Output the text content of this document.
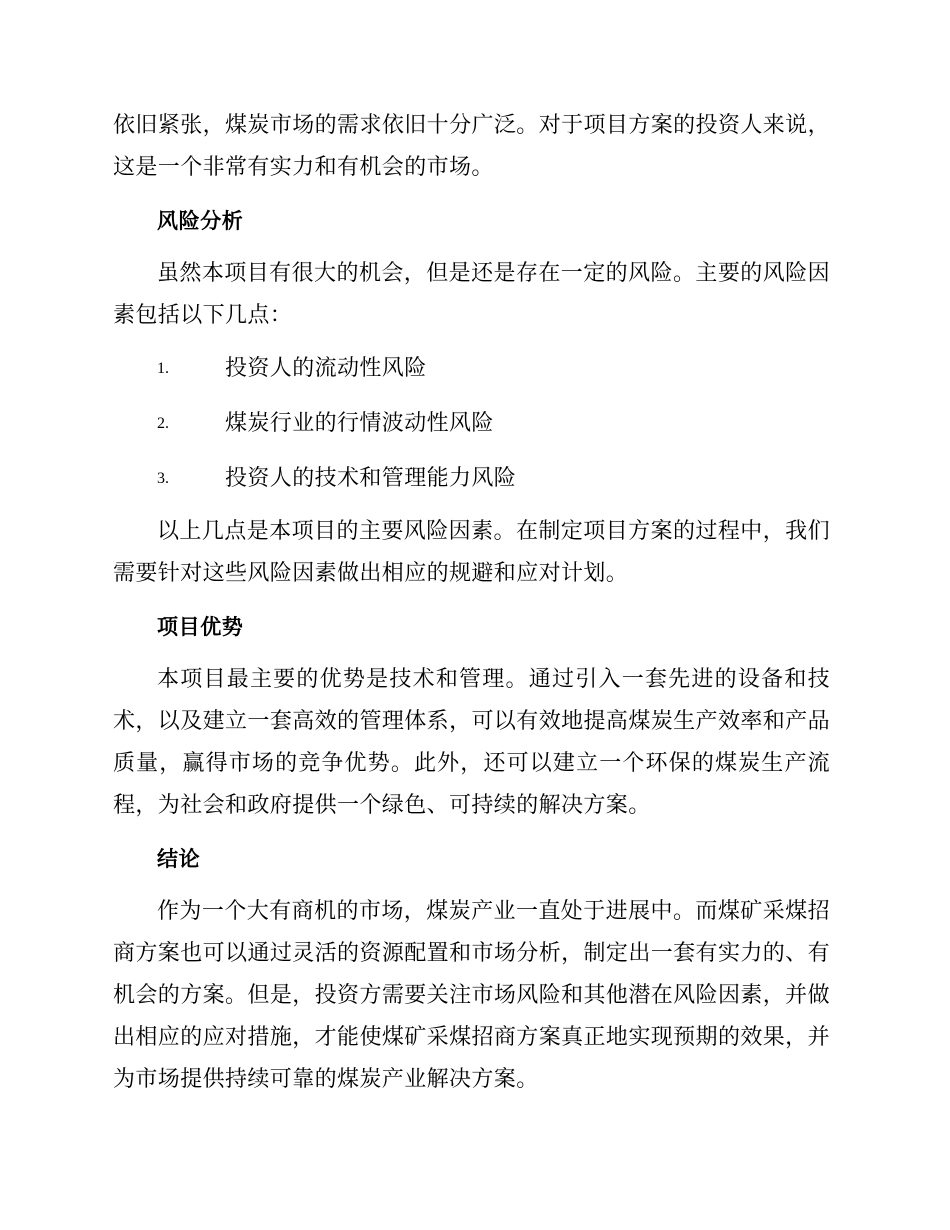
依旧紧张，煤炭市场的需求依旧十分广泛。对于项目方案的投资人来说，这是一个非常有实力和有机会的市场。

风险分析

虽然本项目有很大的机会，但是还是存在一定的风险。主要的风险因素包括以下几点：

1.	投资人的流动性风险
2.	煤炭行业的行情波动性风险
3.	投资人的技术和管理能力风险

以上几点是本项目的主要风险因素。在制定项目方案的过程中，我们需要针对这些风险因素做出相应的规避和应对计划。

项目优势

本项目最主要的优势是技术和管理。通过引入一套先进的设备和技术，以及建立一套高效的管理体系，可以有效地提高煤炭生产效率和产品质量，赢得市场的竞争优势。此外，还可以建立一个环保的煤炭生产流程，为社会和政府提供一个绿色、可持续的解决方案。

结论

作为一个大有商机的市场，煤炭产业一直处于进展中。而煤矿采煤招商方案也可以通过灵活的资源配置和市场分析，制定出一套有实力的、有机会的方案。但是，投资方需要关注市场风险和其他潜在风险因素，并做出相应的应对措施，才能使煤矿采煤招商方案真正地实现预期的效果，并为市场提供持续可靠的煤炭产业解决方案。
